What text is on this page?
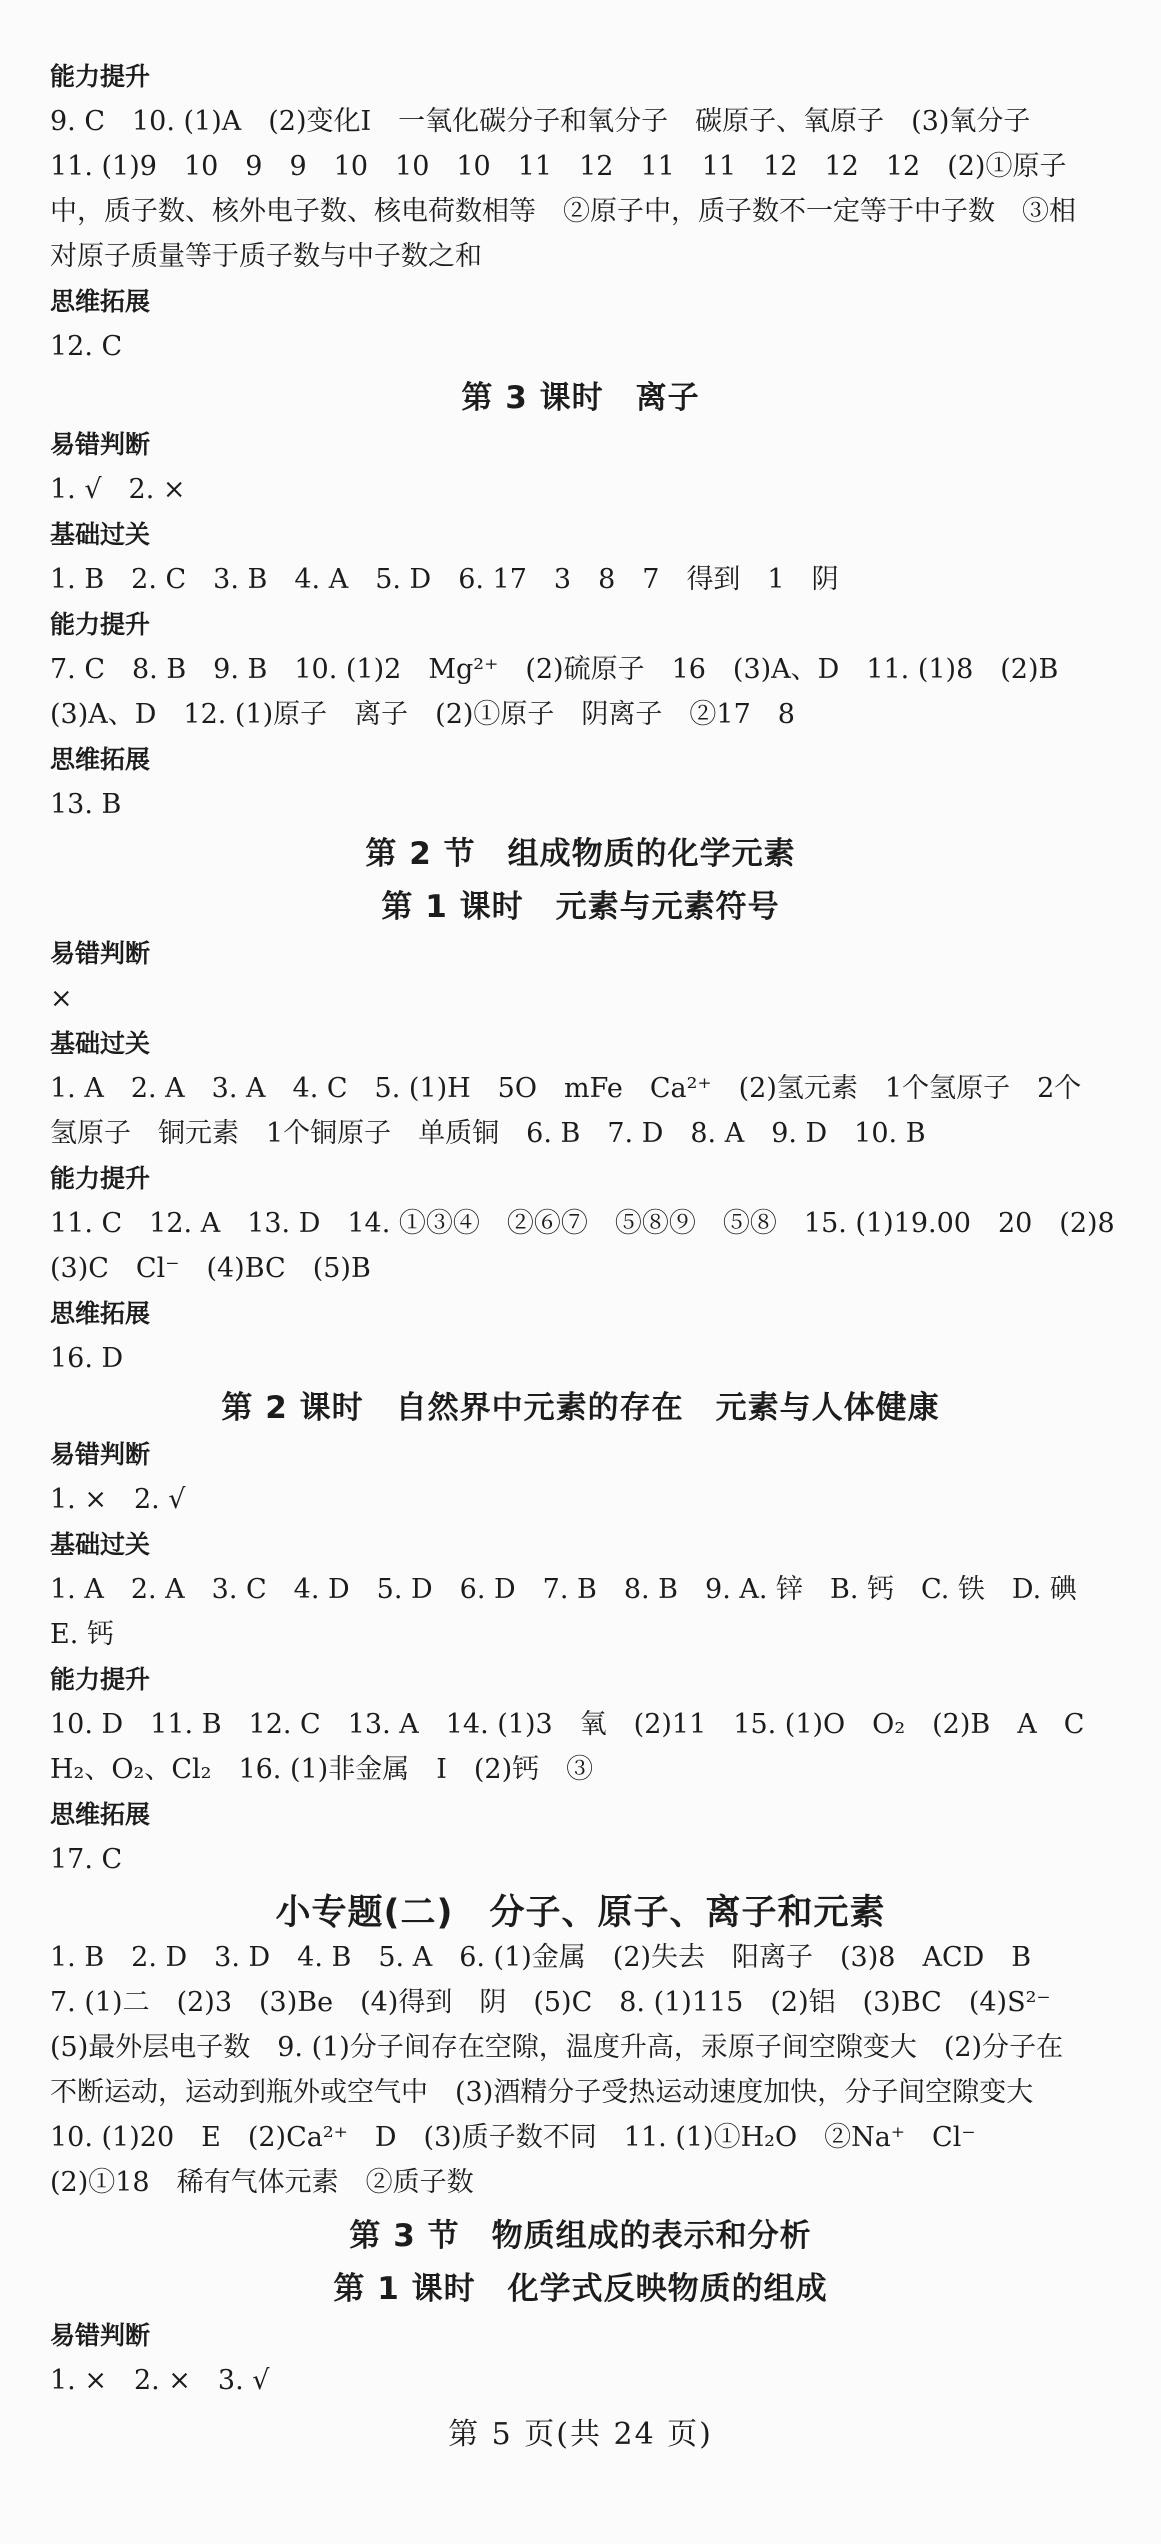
能力提升
9. C　10. (1)A　(2)变化Ⅰ　一氧化碳分子和氧分子　碳原子、氧原子　(3)氧分子
11. (1)9　10　9　9　10　10　10　11　12　11　11　12　12　12　(2)①原子
中，质子数、核外电子数、核电荷数相等　②原子中，质子数不一定等于中子数　③相
对原子质量等于质子数与中子数之和
思维拓展
12. C
第 3 课时　离子
易错判断
1. √　2. ×
基础过关
1. B　2. C　3. B　4. A　5. D　6. 17　3　8　7　得到　1　阴
能力提升
7. C　8. B　9. B　10. (1)2　Mg²⁺　(2)硫原子　16　(3)A、D　11. (1)8　(2)B
(3)A、D　12. (1)原子　离子　(2)①原子　阴离子　②17　8
思维拓展
13. B
第 2 节　组成物质的化学元素
第 1 课时　元素与元素符号
易错判断
×
基础过关
1. A　2. A　3. A　4. C　5. (1)H　5O　mFe　Ca²⁺　(2)氢元素　1个氢原子　2个
氢原子　铜元素　1个铜原子　单质铜　6. B　7. D　8. A　9. D　10. B
能力提升
11. C　12. A　13. D　14. ①③④　②⑥⑦　⑤⑧⑨　⑤⑧　15. (1)19.00　20　(2)8
(3)C　Cl⁻　(4)BC　(5)B
思维拓展
16. D
第 2 课时　自然界中元素的存在　元素与人体健康
易错判断
1. ×　2. √
基础过关
1. A　2. A　3. C　4. D　5. D　6. D　7. B　8. B　9. A. 锌　B. 钙　C. 铁　D. 碘
E. 钙
能力提升
10. D　11. B　12. C　13. A　14. (1)3　氧　(2)11　15. (1)O　O₂　(2)B　A　C
H₂、O₂、Cl₂　16. (1)非金属　I　(2)钙　③
思维拓展
17. C
小专题(二)　分子、原子、离子和元素
1. B　2. D　3. D　4. B　5. A　6. (1)金属　(2)失去　阳离子　(3)8　ACD　B
7. (1)二　(2)3　(3)Be　(4)得到　阴　(5)C　8. (1)115　(2)铝　(3)BC　(4)S²⁻
(5)最外层电子数　9. (1)分子间存在空隙，温度升高，汞原子间空隙变大　(2)分子在
不断运动，运动到瓶外或空气中　(3)酒精分子受热运动速度加快，分子间空隙变大
10. (1)20　E　(2)Ca²⁺　D　(3)质子数不同　11. (1)①H₂O　②Na⁺　Cl⁻
(2)①18　稀有气体元素　②质子数
第 3 节　物质组成的表示和分析
第 1 课时　化学式反映物质的组成
易错判断
1. ×　2. ×　3. √
第 5 页(共 24 页)
